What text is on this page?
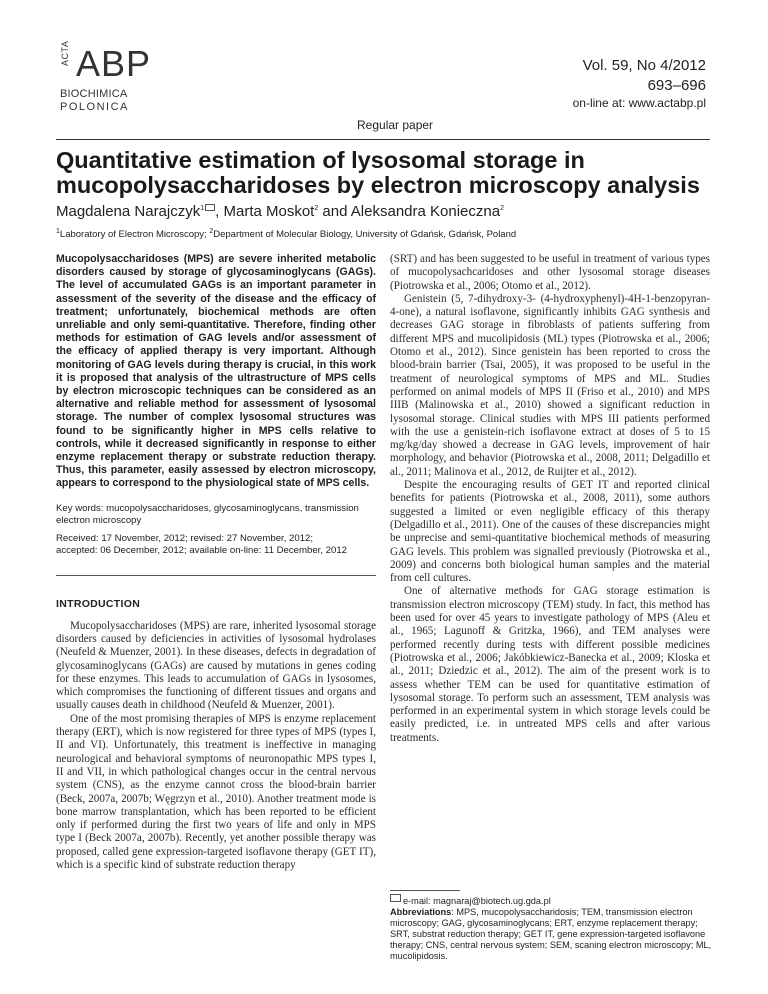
ACTA ABP
BIOCHIMICA
POLONICA
Vol. 59, No 4/2012
693–696
on-line at: www.actabp.pl
Regular paper
Quantitative estimation of lysosomal storage in mucopolysaccharidoses by electron microscopy analysis
Magdalena Narajczyk$^1$ , Marta Moskot$^2$ and Aleksandra Konieczna$^2$
$^1$Laboratory of Electron Microscopy; $^2$Department of Molecular Biology, University of Gdańsk, Gdańsk, Poland

Mucopolysaccharidoses (MPS) are severe inherited metabolic disorders caused by storage of glycosaminoglycans (GAGs). The level of accumulated GAGs is an important parameter in assessment of the severity of the disease and the efficacy of treatment; unfortunately, biochemical methods are often unreliable and only semi-quantitative. Therefore, finding other methods for estimation of GAG levels and/or assessment of the efficacy of applied therapy is very important. Although monitoring of GAG levels during therapy is crucial, in this work it is proposed that analysis of the ultrastructure of MPS cells by electron microscopic techniques can be considered as an alternative and reliable method for assessment of lysosomal storage. The number of complex lysosomal structures was found to be significantly higher in MPS cells relative to controls, while it decreased significantly in response to either enzyme replacement therapy or substrate reduction therapy. Thus, this parameter, easily assessed by electron microscopy, appears to correspond to the physiological state of MPS cells.

Key words: mucopolysaccharidoses, glycosaminoglycans, transmission electron microscopy

Received: 17 November, 2012; revised: 27 November, 2012;
accepted: 06 December, 2012; available on-line: 11 December, 2012

INTRODUCTION

Mucopolysaccharidoses (MPS) are rare, inherited lysosomal storage disorders caused by deficiencies in activities of lysosomal hydrolases (Neufeld & Muenzer, 2001). In these diseases, defects in degradation of glycosaminoglycans (GAGs) are caused by mutations in genes coding for these enzymes. This leads to accumulation of GAGs in lysosomes, which compromises the functioning of different tissues and organs and usually causes death in childhood (Neufeld & Muenzer, 2001).

One of the most promising therapies of MPS is enzyme replacement therapy (ERT), which is now registered for three types of MPS (types I, II and VI). Unfortunately, this treatment is ineffective in managing neurological and behavioral symptoms of neuronopathic MPS types I, II and VII, in which pathological changes occur in the central nervous system (CNS), as the enzyme cannot cross the blood-brain barrier (Beck, 2007a, 2007b; Węgrzyn et al., 2010). Another treatment mode is bone marrow transplantation, which has been reported to be efficient only if performed during the first two years of life and only in MPS type I (Beck 2007a, 2007b). Recently, yet another possible therapy was proposed, called gene expression-targeted isoflavone therapy (GET IT), which is a specific kind of substrate reduction therapy

(SRT) and has been suggested to be useful in treatment of various types of mucopolysachcaridoses and other lysosomal storage diseases (Piotrowska et al., 2006; Otomo et al., 2012).

Genistein (5, 7-dihydroxy-3- (4-hydroxyphenyl)-4H-1-benzopyran-4-one), a natural isoflavone, significantly inhibits GAG synthesis and decreases GAG storage in fibroblasts of patients suffering from different MPS and mucolipidosis (ML) types (Piotrowska et al., 2006; Otomo et al., 2012). Since genistein has been reported to cross the blood-brain barrier (Tsai, 2005), it was proposed to be useful in the treatment of neurological symptoms of MPS and ML. Studies performed on animal models of MPS II (Friso et al., 2010) and MPS IIIB (Malinowska et al., 2010) showed a significant reduction in lysosomal storage. Clinical studies with MPS III patients performed with the use a genistein-rich isoflavone extract at doses of 5 to 15 mg/kg/day showed a decrease in GAG levels, improvement of hair morphology, and behavior (Piotrowska et al., 2008, 2011; Delgadillo et al., 2011; Malinova et al., 2012, de Ruijter et al., 2012).

Despite the encouraging results of GET IT and reported clinical benefits for patients (Piotrowska et al., 2008, 2011), some authors suggested a limited or even negligible efficacy of this therapy (Delgadillo et al., 2011). One of the causes of these discrepancies might be unprecise and semi-quantitative biochemical methods of measuring GAG levels. This problem was signalled previously (Piotrowska et al., 2009) and concerns both biological human samples and the material from cell cultures.

One of alternative methods for GAG storage estimation is transmission electron microscopy (TEM) study. In fact, this method has been used for over 45 years to investigate pathology of MPS (Aleu et al., 1965; Lagunoff & Gritzka, 1966), and TEM analyses were performed recently during tests with different possible medicines (Piotrowska et al., 2006; Jakóbkiewicz-Banecka et al., 2009; Kloska et al., 2011; Dziedzic et al., 2012). The aim of the present work is to assess whether TEM can be used for quantitative estimation of lysosomal storage. To perform such an assessment, TEM analysis was performed in an experimental system in which storage levels could be easily predicted, i.e. in untreated MPS cells and after various treatments.

e-mail: magnaraj@biotech.ug.gda.pl

Abbreviations: MPS, mucopolysaccharidosis; TEM, transmission electron microscopy; GAG, glycosaminoglycans; ERT, enzyme replacement therapy; SRT, substrat reduction therapy; GET IT, gene expression-targeted isoflavone therapy; CNS, central nervous system; SEM, scaning electron microscopy; ML, mucolipidosis.
